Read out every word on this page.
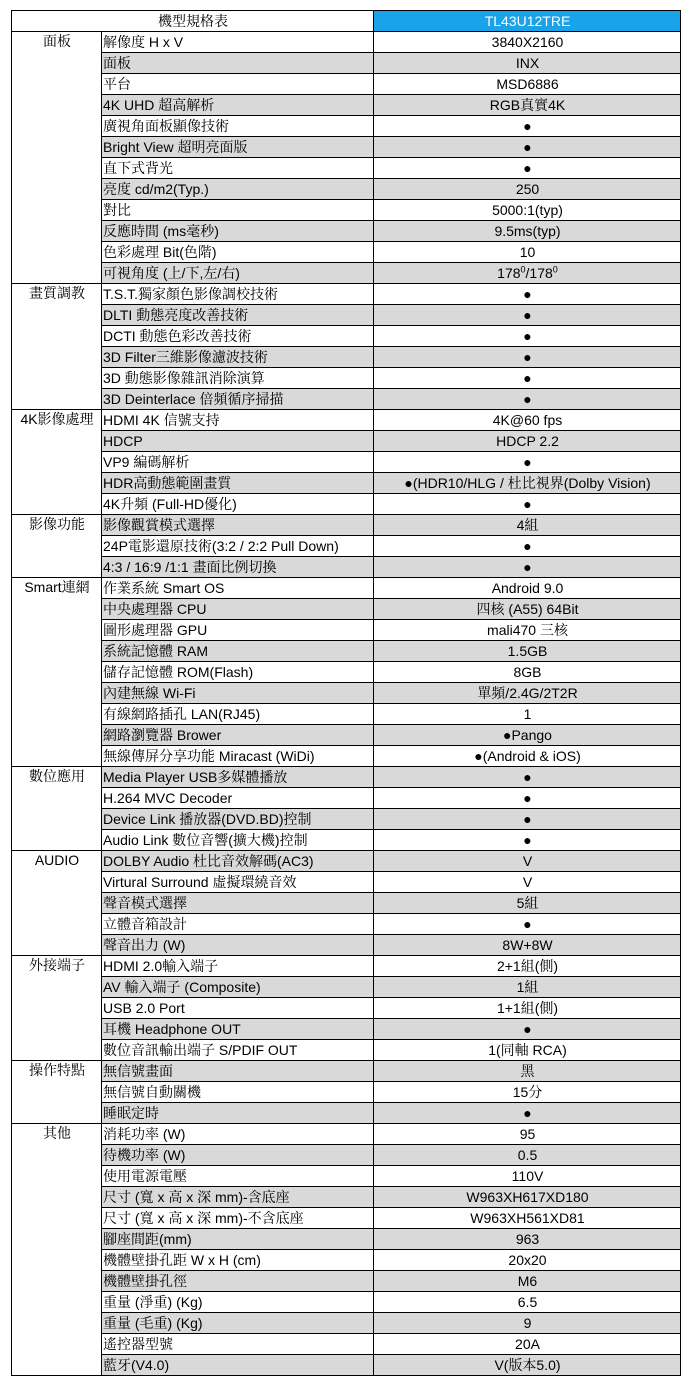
機型規格表		TL43U12TRE
面板	解像度 H x V	3840X2160
	面板	INX
	平台	MSD6886
	4K UHD 超高解析	RGB真實4K
	廣視角面板顯像技術	●
	Bright View 超明亮面版	●
	直下式背光	●
	亮度 cd/m2(Typ.)	250
	對比	5000:1(typ)
	反應時間 (ms毫秒)	9.5ms(typ)
	色彩處理 Bit(色階)	10
	可視角度 (上/下,左/右)	$178^0/178^0$
畫質調教	T.S.T.獨家顏色影像調校技術	●
	DLTI 動態亮度改善技術	●
	DCTI 動態色彩改善技術	●
	3D Filter三維影像濾波技術	●
	3D 動態影像雜訊消除演算	●
	3D Deinterlace 倍頻循序掃描	●
4K影像處理	HDMI 4K 信號支持	4K@60 fps
	HDCP	HDCP 2.2
	VP9 編碼解析	●
	HDR高動態範圍畫質	●(HDR10/HLG / 杜比視界(Dolby Vision)
	4K升頻 (Full-HD優化)	●
影像功能	影像觀賞模式選擇	4組
	24P電影還原技術(3:2 / 2:2 Pull Down)	●
	4:3 / 16:9 /1:1 畫面比例切換	●
Smart連網	作業系統 Smart OS	Android 9.0
	中央處理器 CPU	四核 (A55) 64Bit
	圖形處理器 GPU	mali470 三核
	系統記憶體 RAM	1.5GB
	儲存記憶體 ROM(Flash)	8GB
	內建無線 Wi-Fi	單頻/2.4G/2T2R
	有線網路插孔 LAN(RJ45)	1
	網路瀏覽器 Brower	●Pango
	無線傳屏分享功能 Miracast (WiDi)	●(Android & iOS)
數位應用	Media Player USB多媒體播放	●
	H.264 MVC Decoder	●
	Device Link 播放器(DVD.BD)控制	●
	Audio Link 數位音響(擴大機)控制	●
AUDIO	DOLBY Audio 杜比音效解碼(AC3)	V
	Virtural Surround 虛擬環繞音效	V
	聲音模式選擇	5組
	立體音箱設計	●
	聲音出力 (W)	8W+8W
外接端子	HDMI 2.0輸入端子	2+1組(側)
	AV 輸入端子 (Composite)	1組
	USB 2.0 Port	1+1組(側)
	耳機 Headphone OUT	●
	數位音訊輸出端子 S/PDIF OUT	1(同軸 RCA)
操作特點	無信號畫面	黑
	無信號自動關機	15分
	睡眠定時	●
其他	消耗功率 (W)	95
	待機功率 (W)	0.5
	使用電源電壓	110V
	尺寸 (寬 x 高 x 深 mm)-含底座	W963XH617XD180
	尺寸 (寬 x 高 x 深 mm)-不含底座	W963XH561XD81
	腳座間距(mm)	963
	機體壁掛孔距 W x H (cm)	20x20
	機體壁掛孔徑	M6
	重量 (淨重) (Kg)	6.5
	重量 (毛重) (Kg)	9
	遙控器型號	20A
	藍牙(V4.0)	V(版本5.0)
